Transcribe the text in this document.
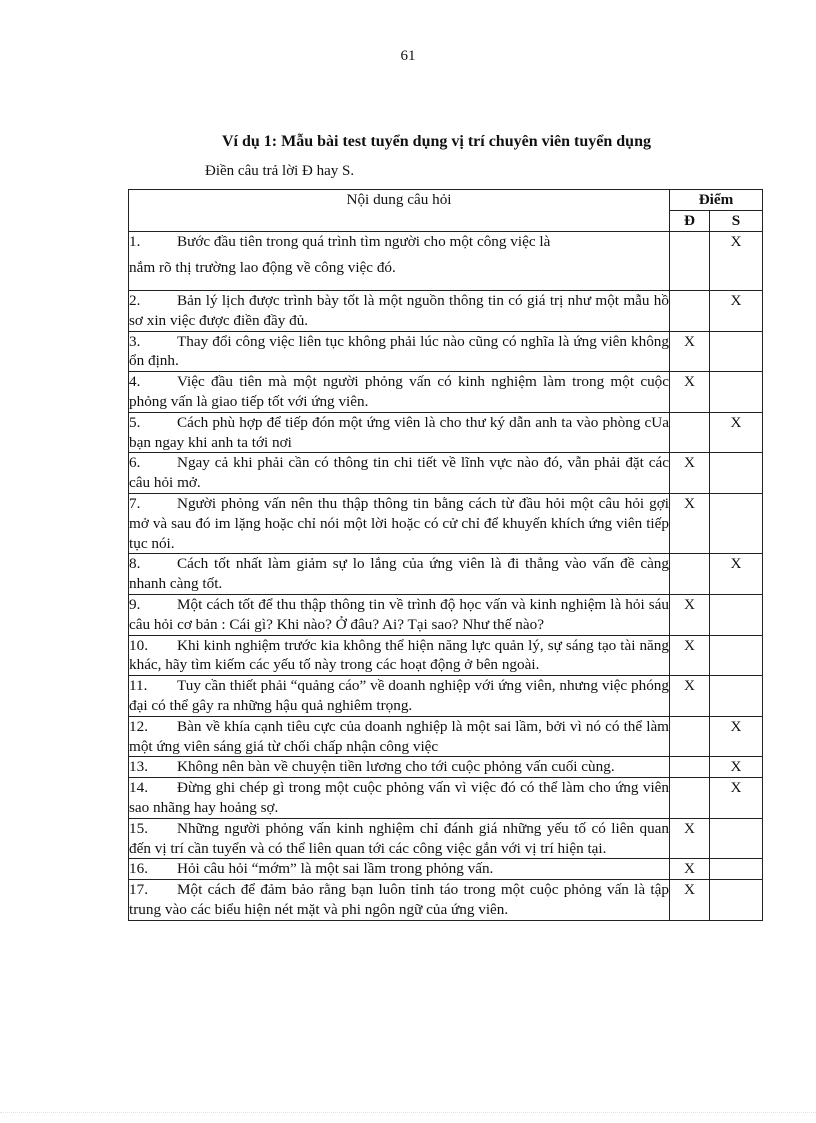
61
Ví dụ 1: Mẫu bài test tuyển dụng vị trí chuyên viên tuyển dụng
Điền câu trả lời Đ hay S.
Nội dung câu hỏi	Điểm	
	Đ	S

1. Bước đầu tiên trong quá trình tìm người cho một công việc là
nắm rõ thị trường lao động về công việc đó.		X
2. Bản lý lịch được trình bày tốt là một nguồn thông tin có giá trị như một mẫu hồ sơ xin việc được điền đầy đủ.		X
3. Thay đổi công việc liên tục không phải lúc nào cũng có nghĩa là ứng viên không ổn định.	X	
4. Việc đầu tiên mà một người phỏng vấn có kinh nghiệm làm trong một cuộc phỏng vấn là giao tiếp tốt với ứng viên.	X	
5. Cách phù hợp để tiếp đón một ứng viên là cho thư ký dẫn anh ta vào phòng cUa bạn ngay khi anh ta tới nơi		X
6. Ngay cả khi phải cần có thông tin chi tiết về lĩnh vực nào đó, vẫn phải đặt các câu hỏi mở.	X	
7. Người phỏng vấn nên thu thập thông tin bằng cách từ đầu hỏi một câu hỏi gợi mở và sau đó im lặng hoặc chỉ nói một lời hoặc có cử chỉ để khuyến khích ứng viên tiếp tục nói.	X	
8. Cách tốt nhất làm giảm sự lo lắng của ứng viên là đi thẳng vào vấn đề càng nhanh càng tốt.		X
9. Một cách tốt để thu thập thông tin về trình độ học vấn và kinh nghiệm là hỏi sáu câu hỏi cơ bản : Cái gì? Khi nào? Ở đâu? Ai? Tại sao? Như thế nào?	X	
10. Khi kinh nghiệm trước kia không thể hiện năng lực quản lý, sự sáng tạo tài năng khác, hãy tìm kiếm các yếu tố này trong các hoạt động ở bên ngoài.	X	
11. Tuy cần thiết phải “quảng cáo” về doanh nghiệp với ứng viên, nhưng việc phóng đại có thể gây ra những hậu quả nghiêm trọng.	X	
12. Bàn về khía cạnh tiêu cực của doanh nghiệp là một sai lầm, bởi vì nó có thể làm một ứng viên sáng giá từ chối chấp nhận công việc		X
13. Không nên bàn về chuyện tiền lương cho tới cuộc phỏng vấn cuối cùng.		X
14. Đừng ghi chép gì trong một cuộc phỏng vấn vì việc đó có thể làm cho ứng viên sao nhãng hay hoảng sợ.		X
15. Những người phỏng vấn kinh nghiệm chỉ đánh giá những yếu tố có liên quan đến vị trí cần tuyển và có thể liên quan tới các công việc gắn với vị trí hiện tại.	X	
16. Hỏi câu hỏi “mớm” là một sai lầm trong phỏng vấn.	X	
17. Một cách để đảm bảo rằng bạn luôn tỉnh táo trong một cuộc phỏng vấn là tập trung vào các biểu hiện nét mặt và phi ngôn ngữ của ứng viên.	X	
